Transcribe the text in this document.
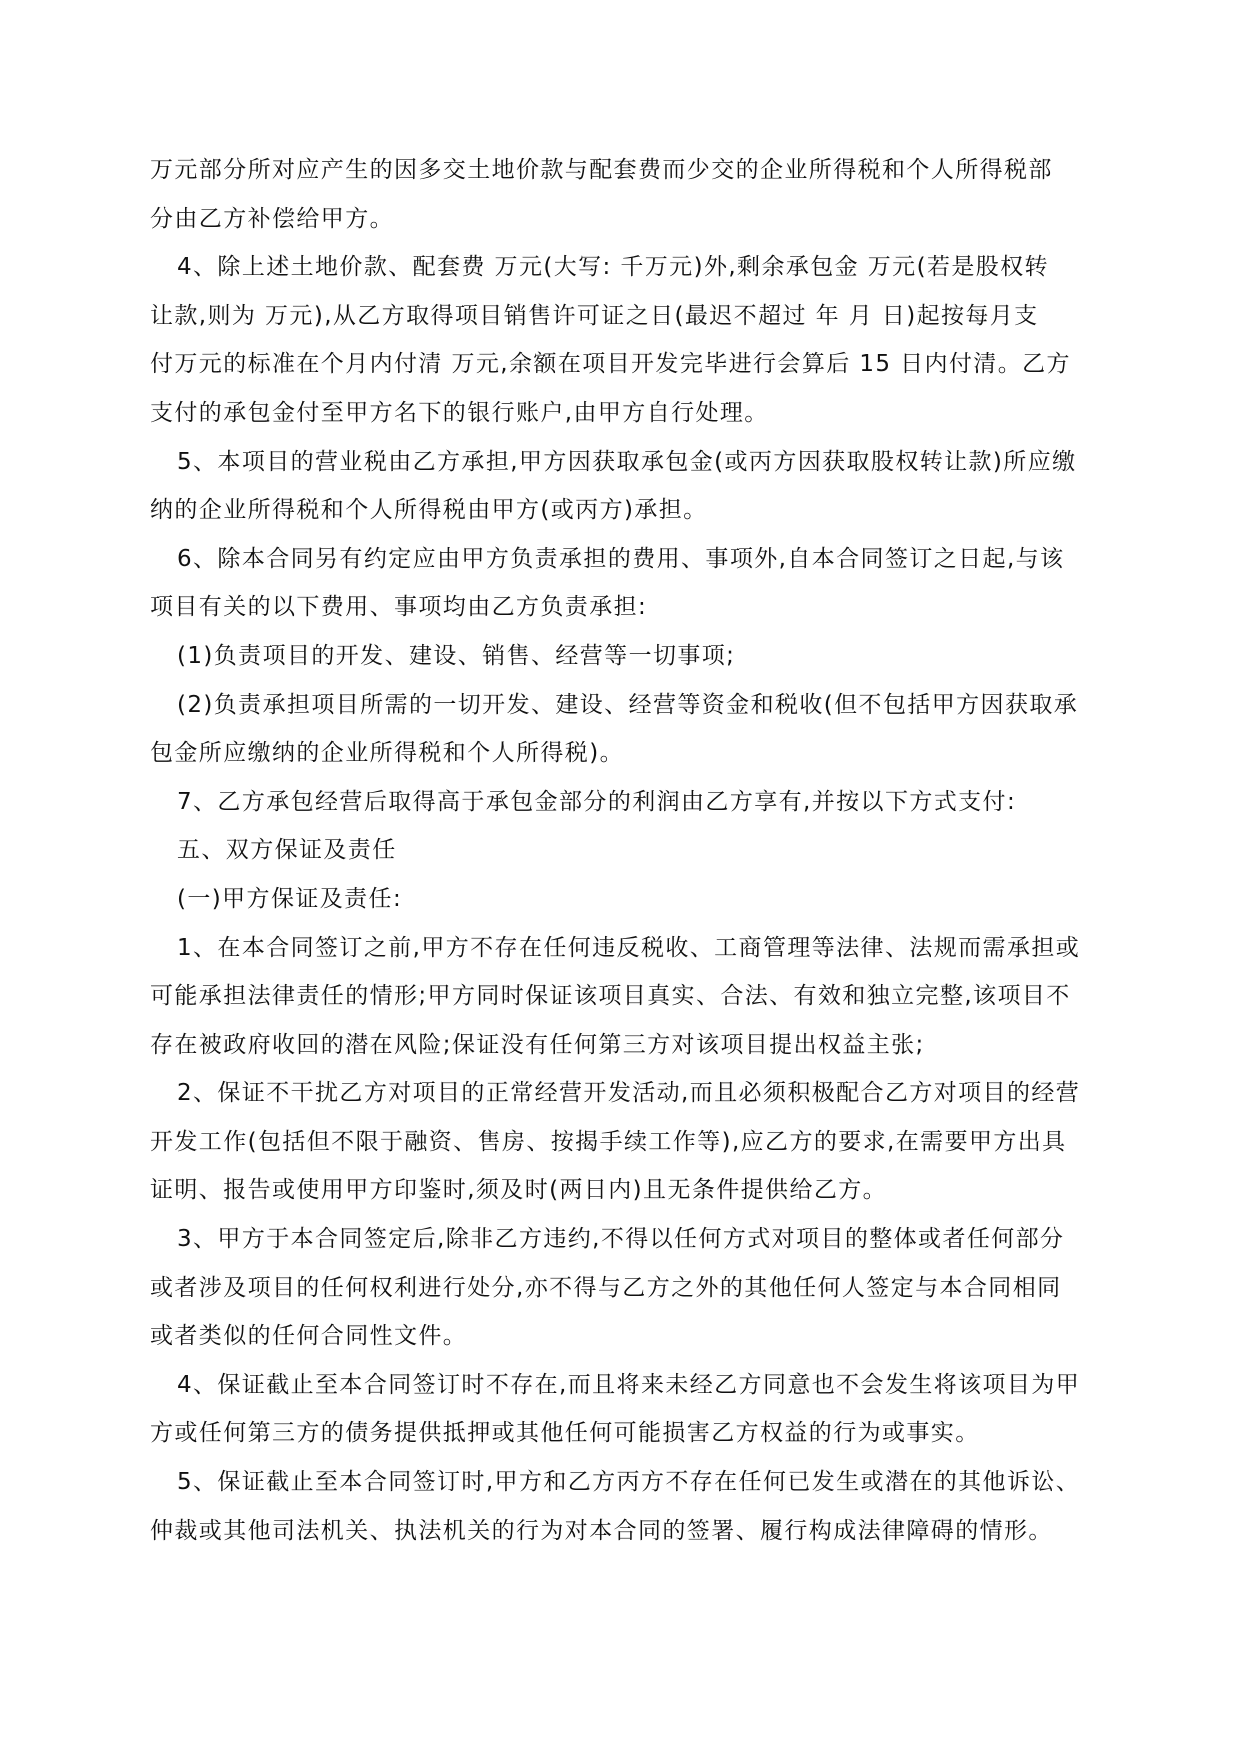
万元部分所对应产生的因多交土地价款与配套费而少交的企业所得税和个人所得税部
分由乙方补偿给甲方。
4、除上述土地价款、配套费 万元(大写: 千万元)外,剩余承包金 万元(若是股权转
让款,则为 万元),从乙方取得项目销售许可证之日(最迟不超过 年 月 日)起按每月支
付万元的标准在个月内付清 万元,余额在项目开发完毕进行会算后 15 日内付清。乙方
支付的承包金付至甲方名下的银行账户,由甲方自行处理。
5、本项目的营业税由乙方承担,甲方因获取承包金(或丙方因获取股权转让款)所应缴
纳的企业所得税和个人所得税由甲方(或丙方)承担。
6、除本合同另有约定应由甲方负责承担的费用、事项外,自本合同签订之日起,与该
项目有关的以下费用、事项均由乙方负责承担:
(1)负责项目的开发、建设、销售、经营等一切事项;
(2)负责承担项目所需的一切开发、建设、经营等资金和税收(但不包括甲方因获取承
包金所应缴纳的企业所得税和个人所得税)。
7、乙方承包经营后取得高于承包金部分的利润由乙方享有,并按以下方式支付:
五、双方保证及责任
(一)甲方保证及责任:
1、在本合同签订之前,甲方不存在任何违反税收、工商管理等法律、法规而需承担或
可能承担法律责任的情形;甲方同时保证该项目真实、合法、有效和独立完整,该项目不
存在被政府收回的潜在风险;保证没有任何第三方对该项目提出权益主张;
2、保证不干扰乙方对项目的正常经营开发活动,而且必须积极配合乙方对项目的经营
开发工作(包括但不限于融资、售房、按揭手续工作等),应乙方的要求,在需要甲方出具
证明、报告或使用甲方印鉴时,须及时(两日内)且无条件提供给乙方。
3、甲方于本合同签定后,除非乙方违约,不得以任何方式对项目的整体或者任何部分
或者涉及项目的任何权利进行处分,亦不得与乙方之外的其他任何人签定与本合同相同
或者类似的任何合同性文件。
4、保证截止至本合同签订时不存在,而且将来未经乙方同意也不会发生将该项目为甲
方或任何第三方的债务提供抵押或其他任何可能损害乙方权益的行为或事实。
5、保证截止至本合同签订时,甲方和乙方丙方不存在任何已发生或潜在的其他诉讼、
仲裁或其他司法机关、执法机关的行为对本合同的签署、履行构成法律障碍的情形。
